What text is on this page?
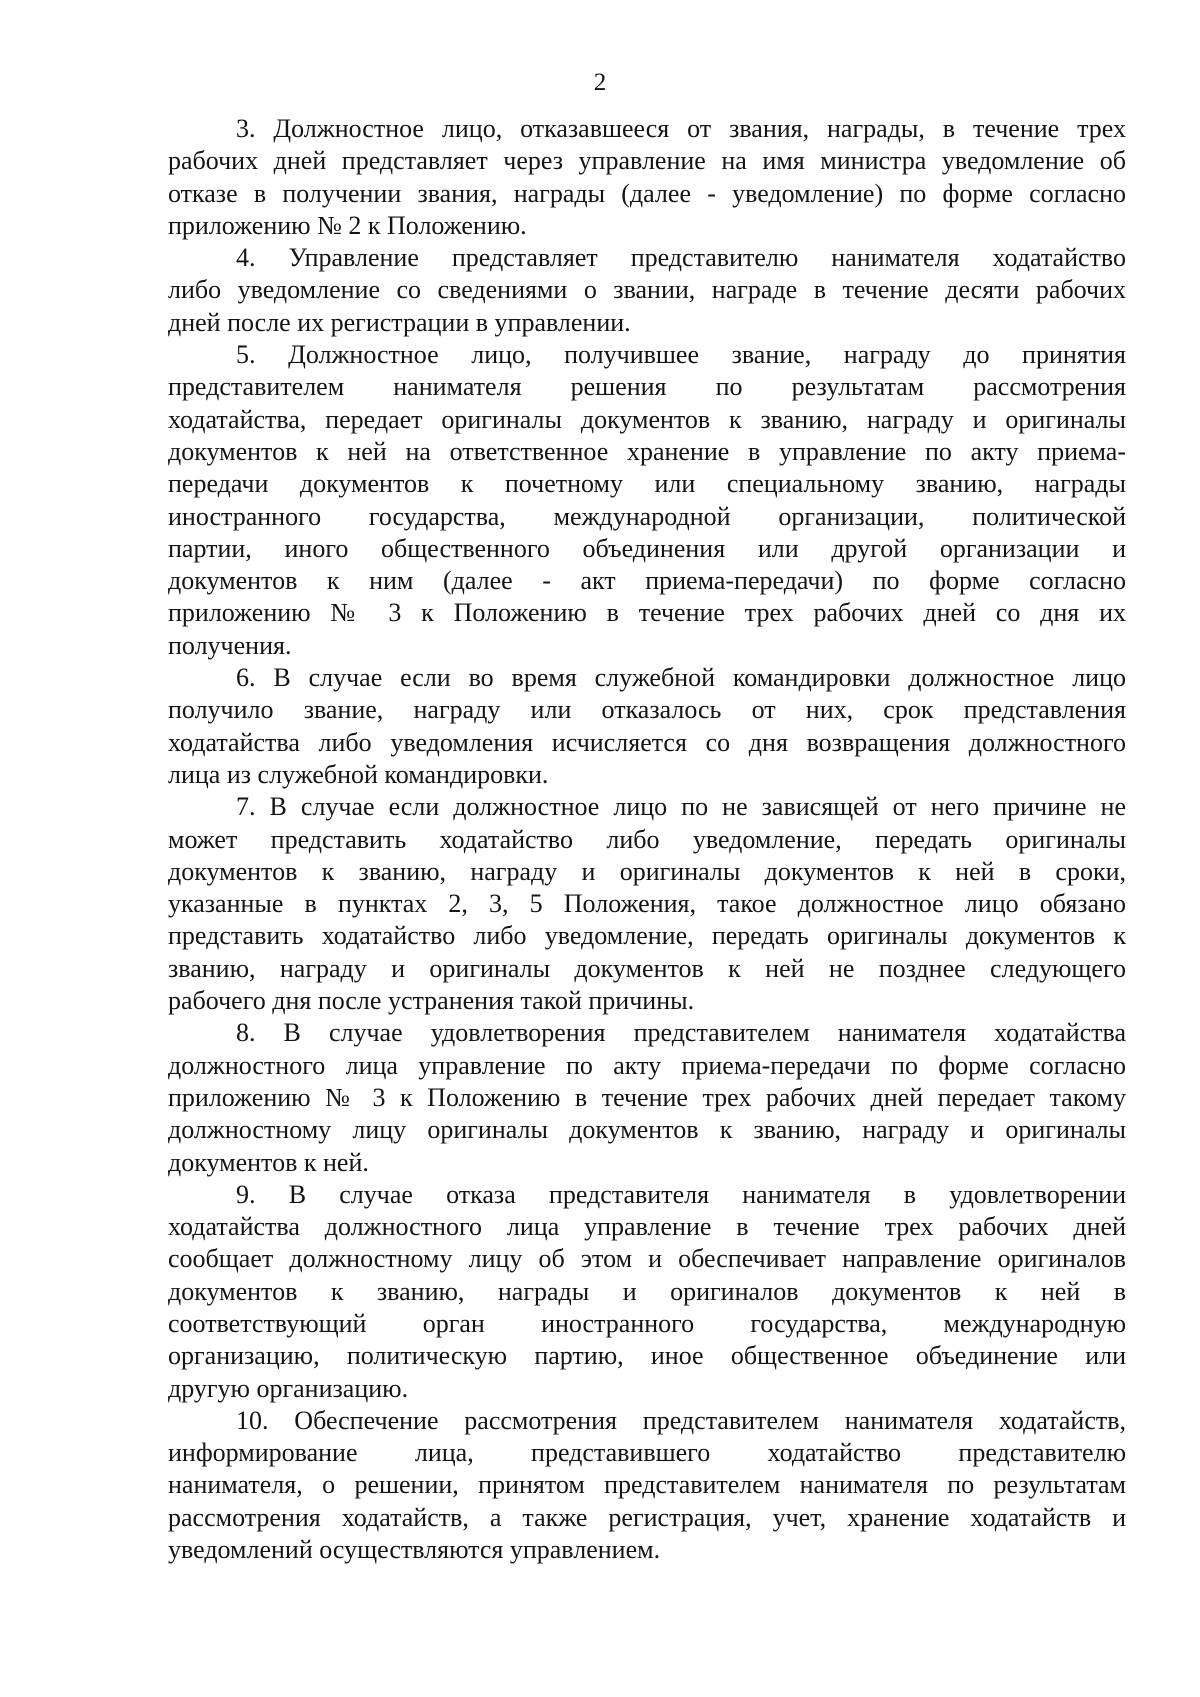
2
3. Должностное лицо, отказавшееся от звания, награды, в течение трех
рабочих дней представляет через управление на имя министра уведомление об
отказе в получении звания, награды (далее - уведомление) по форме согласно
приложению № 2 к Положению.
4. Управление представляет представителю нанимателя ходатайство
либо уведомление со сведениями о звании, награде в течение десяти рабочих
дней после их регистрации в управлении.
5. Должностное лицо, получившее звание, награду до принятия
представителем нанимателя решения по результатам рассмотрения
ходатайства, передает оригиналы документов к званию, награду и оригиналы
документов к ней на ответственное хранение в управление по акту приема-
передачи документов к почетному или специальному званию, награды
иностранного государства, международной организации, политической
партии, иного общественного объединения или другой организации и
документов к ним (далее - акт приема-передачи) по форме согласно
приложению № 3 к Положению в течение трех рабочих дней со дня их
получения.
6. В случае если во время служебной командировки должностное лицо
получило звание, награду или отказалось от них, срок представления
ходатайства либо уведомления исчисляется со дня возвращения должностного
лица из служебной командировки.
7. В случае если должностное лицо по не зависящей от него причине не
может представить ходатайство либо уведомление, передать оригиналы
документов к званию, награду и оригиналы документов к ней в сроки,
указанные в пунктах 2, 3, 5 Положения, такое должностное лицо обязано
представить ходатайство либо уведомление, передать оригиналы документов к
званию, награду и оригиналы документов к ней не позднее следующего
рабочего дня после устранения такой причины.
8. В случае удовлетворения представителем нанимателя ходатайства
должностного лица управление по акту приема-передачи по форме согласно
приложению № 3 к Положению в течение трех рабочих дней передает такому
должностному лицу оригиналы документов к званию, награду и оригиналы
документов к ней.
9. В случае отказа представителя нанимателя в удовлетворении
ходатайства должностного лица управление в течение трех рабочих дней
сообщает должностному лицу об этом и обеспечивает направление оригиналов
документов к званию, награды и оригиналов документов к ней в
соответствующий орган иностранного государства, международную
организацию, политическую партию, иное общественное объединение или
другую организацию.
10. Обеспечение рассмотрения представителем нанимателя ходатайств,
информирование лица, представившего ходатайство представителю
нанимателя, о решении, принятом представителем нанимателя по результатам
рассмотрения ходатайств, а также регистрация, учет, хранение ходатайств и
уведомлений осуществляются управлением.
